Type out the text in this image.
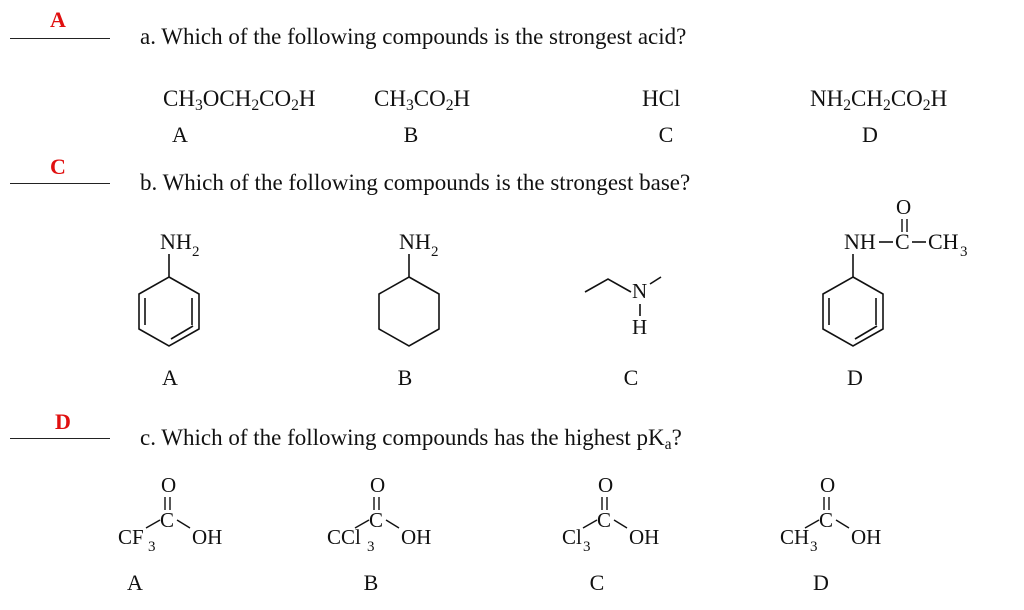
A
a. Which of the following compounds is the strongest acid?
$CH_3OCH_2CO_2H$	$CH_3CO_2H$	HCl	$NH_2CH_2CO_2H$
A	B	C	D
C
b. Which of the following compounds is the strongest base?
NH 2	NH 2
N
H
O
NH C CH 3
A	B	C	D
D
c. Which of the following compounds has the highest $pK_a$?
O
C
CF 3 OH
O
C
CCl 3 OH
O
C
Cl 3 OH
O
C
CH 3 OH
A	B	C	D
